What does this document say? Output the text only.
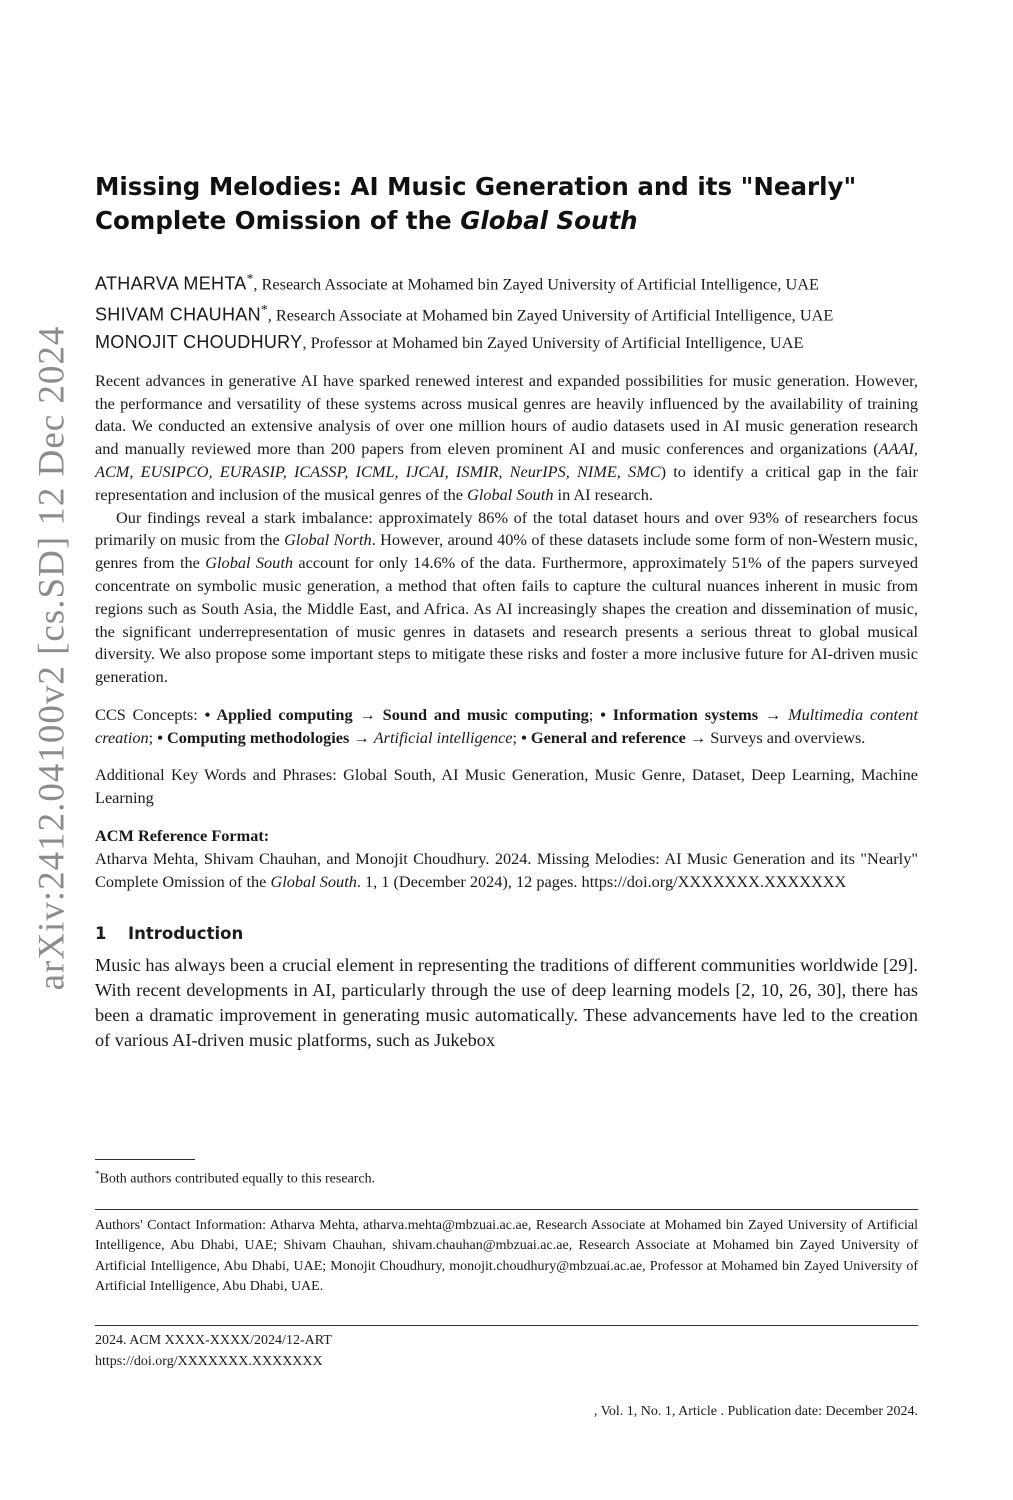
arXiv:2412.04100v2 [cs.SD] 12 Dec 2024
Missing Melodies: AI Music Generation and its "Nearly"
Complete Omission of the Global South

ATHARVA MEHTA*, Research Associate at Mohamed bin Zayed University of Artificial Intelligence, UAE

SHIVAM CHAUHAN*, Research Associate at Mohamed bin Zayed University of Artificial Intelligence, UAE

MONOJIT CHOUDHURY, Professor at Mohamed bin Zayed University of Artificial Intelligence, UAE

Recent advances in generative AI have sparked renewed interest and expanded possibilities for music generation. However, the performance and versatility of these systems across musical genres are heavily influenced by the availability of training data. We conducted an extensive analysis of over one million hours of audio datasets used in AI music generation research and manually reviewed more than 200 papers from eleven prominent AI and music conferences and organizations (AAAI, ACM, EUSIPCO, EURASIP, ICASSP, ICML, IJCAI, ISMIR, NeurIPS, NIME, SMC) to identify a critical gap in the fair representation and inclusion of the musical genres of the Global South in AI research.

Our findings reveal a stark imbalance: approximately 86% of the total dataset hours and over 93% of researchers focus primarily on music from the Global North. However, around 40% of these datasets include some form of non-Western music, genres from the Global South account for only 14.6% of the data. Furthermore, approximately 51% of the papers surveyed concentrate on symbolic music generation, a method that often fails to capture the cultural nuances inherent in music from regions such as South Asia, the Middle East, and Africa. As AI increasingly shapes the creation and dissemination of music, the significant underrepresentation of music genres in datasets and research presents a serious threat to global musical diversity. We also propose some important steps to mitigate these risks and foster a more inclusive future for AI-driven music generation.

CCS Concepts: • Applied computing → Sound and music computing; • Information systems → Multimedia content creation; • Computing methodologies → Artificial intelligence; • General and reference → Surveys and overviews.

Additional Key Words and Phrases: Global South, AI Music Generation, Music Genre, Dataset, Deep Learning, Machine Learning

ACM Reference Format:

Atharva Mehta, Shivam Chauhan, and Monojit Choudhury. 2024. Missing Melodies: AI Music Generation and its "Nearly" Complete Omission of the Global South. 1, 1 (December 2024), 12 pages. https://doi.org/XXXXXXX.XXXXXXX

1 Introduction

Music has always been a crucial element in representing the traditions of different communities worldwide [29]. With recent developments in AI, particularly through the use of deep learning models [2, 10, 26, 30], there has been a dramatic improvement in generating music automatically. These advancements have led to the creation of various AI-driven music platforms, such as Jukebox

*Both authors contributed equally to this research.

Authors' Contact Information: Atharva Mehta, atharva.mehta@mbzuai.ac.ae, Research Associate at Mohamed bin Zayed University of Artificial Intelligence, Abu Dhabi, UAE; Shivam Chauhan, shivam.chauhan@mbzuai.ac.ae, Research Associate at Mohamed bin Zayed University of Artificial Intelligence, Abu Dhabi, UAE; Monojit Choudhury, monojit.choudhury@mbzuai.ac.ae, Professor at Mohamed bin Zayed University of Artificial Intelligence, Abu Dhabi, UAE.

2024. ACM XXXX-XXXX/2024/12-ART
https://doi.org/XXXXXXX.XXXXXXX
, Vol. 1, No. 1, Article . Publication date: December 2024.
